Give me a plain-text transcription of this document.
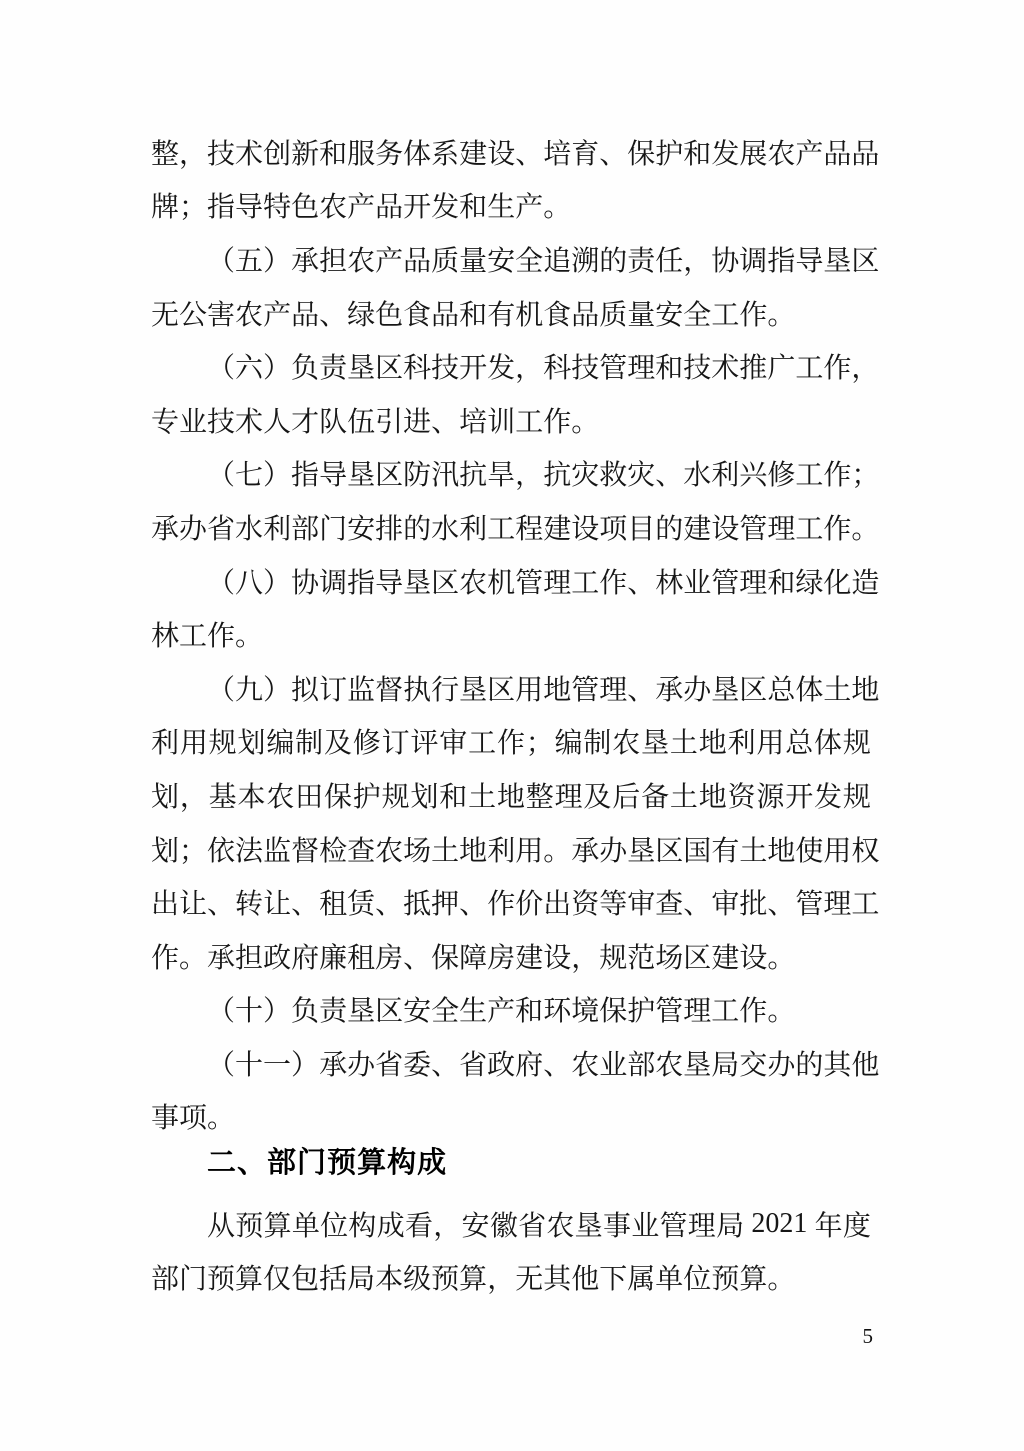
整 ， 技 术 创 新 和 服 务 体 系 建 设 、 培 育 、 保 护 和 发 展 农 产 品 品
牌 ； 指 导 特 色 农 产 品 开 发 和 生 产 。
（ 五 ） 承 担 农 产 品 质 量 安 全 追 溯 的 责 任 ， 协 调 指 导 垦 区
无 公 害 农 产 品 、 绿 色 食 品 和 有 机 食 品 质 量 安 全 工 作 。
（ 六 ） 负 责 垦 区 科 技 开 发 ， 科 技 管 理 和 技 术 推 广 工 作 ，
专 业 技 术 人 才 队 伍 引 进 、 培 训 工 作 。
（ 七 ） 指 导 垦 区 防 汛 抗 旱 ， 抗 灾 救 灾 、 水 利 兴 修 工 作 ；
承 办 省 水 利 部 门 安 排 的 水 利 工 程 建 设 项 目 的 建 设 管 理 工 作 。
（ 八 ） 协 调 指 导 垦 区 农 机 管 理 工 作 、 林 业 管 理 和 绿 化 造
林 工 作 。
（ 九 ） 拟 订 监 督 执 行 垦 区 用 地 管 理 、 承 办 垦 区 总 体 土 地
利 用 规 划 编 制 及 修 订 评 审 工 作 ； 编 制 农 垦 土 地 利 用 总 体 规
划 ， 基 本 农 田 保 护 规 划 和 土 地 整 理 及 后 备 土 地 资 源 开 发 规
划 ； 依 法 监 督 检 查 农 场 土 地 利 用 。 承 办 垦 区 国 有 土 地 使 用 权
出 让 、 转 让 、 租 赁 、 抵 押 、 作 价 出 资 等 审 查 、 审 批 、 管 理 工
作 。 承 担 政 府 廉 租 房 、 保 障 房 建 设 ， 规 范 场 区 建 设 。
（ 十 ） 负 责 垦 区 安 全 生 产 和 环 境 保 护 管 理 工 作 。
（ 十 一 ） 承 办 省 委 、 省 政 府 、 农 业 部 农 垦 局 交 办 的 其 他
事 项 。
二 、 部 门 预 算 构 成
从 预 算 单 位 构 成 看 ， 安 徽 省 农 垦 事 业 管 理 局 2021 年 度
部 门 预 算 仅 包 括 局 本 级 预 算 ， 无 其 他 下 属 单 位 预 算 。
5
